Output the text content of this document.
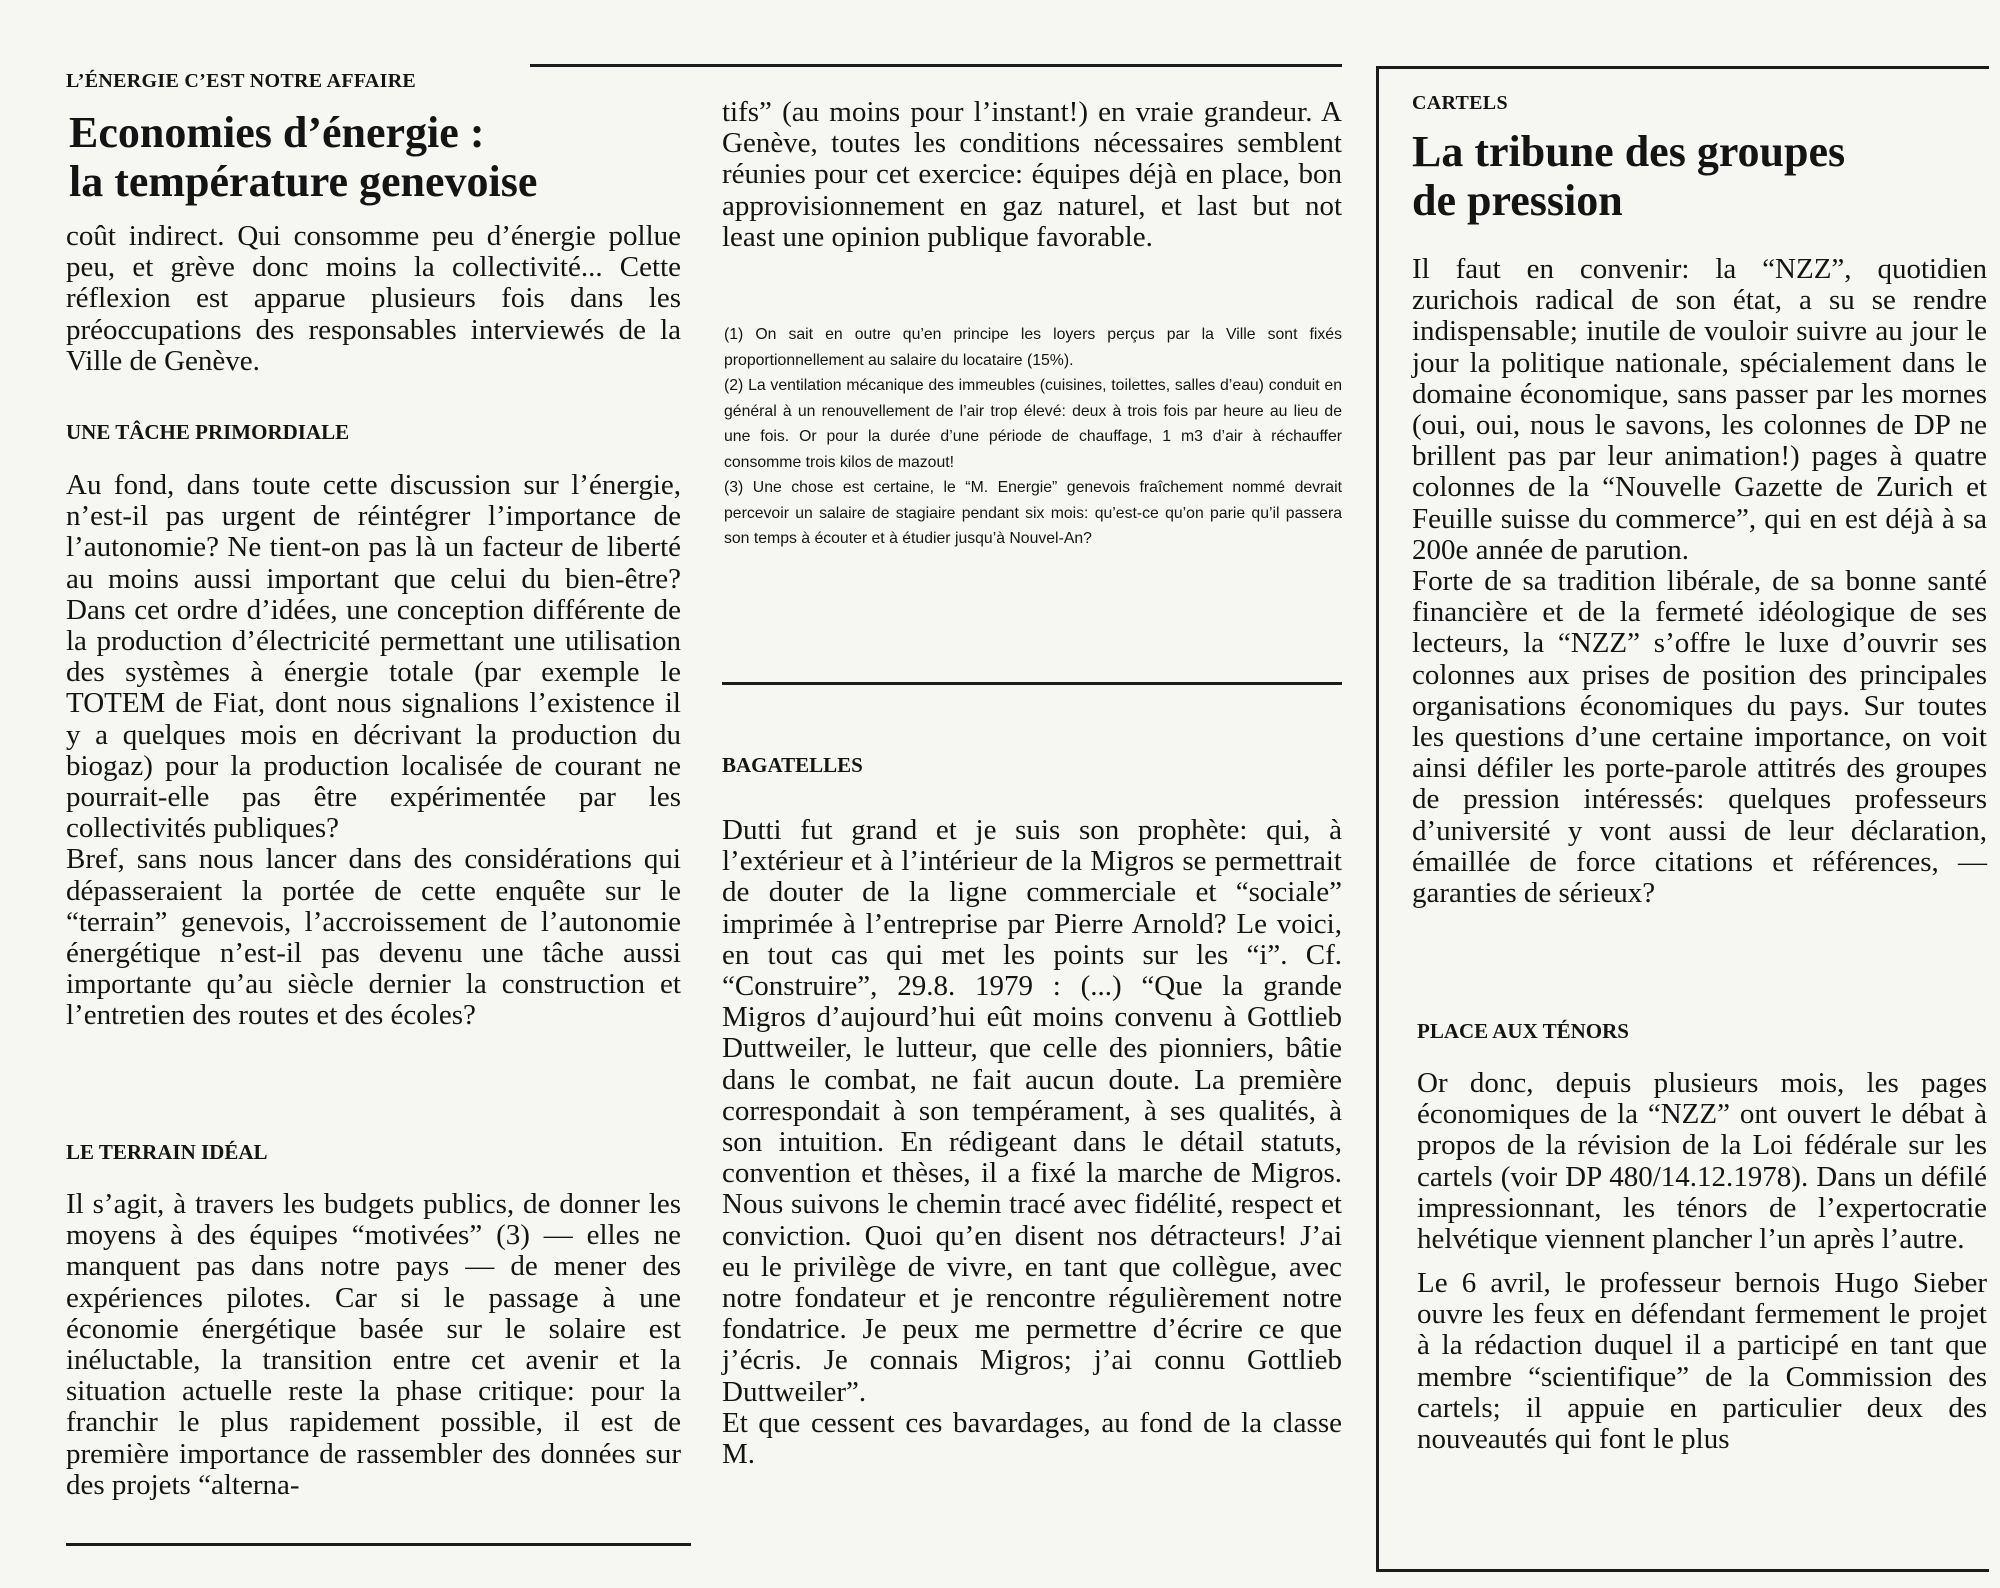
L’ÉNERGIE C’EST NOTRE AFFAIRE
Economies d’énergie :
la température genevoise

coût indirect. Qui consomme peu d’énergie pollue peu, et grève donc moins la collectivité... Cette réflexion est apparue plusieurs fois dans les préoccupations des responsables interviewés de la Ville de Genève.

UNE TÂCHE PRIMORDIALE

Au fond, dans toute cette discussion sur l’énergie, n’est-il pas urgent de réintégrer l’importance de l’autonomie? Ne tient-on pas là un facteur de liberté au moins aussi important que celui du bien-être? Dans cet ordre d’idées, une conception différente de la production d’électricité permettant une utilisation des systèmes à énergie totale (par exemple le TOTEM de Fiat, dont nous signalions l’existence il y a quelques mois en décrivant la production du biogaz) pour la production localisée de courant ne pourrait-elle pas être expérimentée par les collectivités publiques?

Bref, sans nous lancer dans des considérations qui dépasseraient la portée de cette enquête sur le “terrain” genevois, l’accroissement de l’autonomie énergétique n’est-il pas devenu une tâche aussi importante qu’au siècle dernier la construction et l’entretien des routes et des écoles?

LE TERRAIN IDÉAL

Il s’agit, à travers les budgets publics, de donner les moyens à des équipes “motivées” (3) — elles ne manquent pas dans notre pays — de mener des expériences pilotes. Car si le passage à une économie énergétique basée sur le solaire est inéluctable, la transition entre cet avenir et la situation actuelle reste la phase critique: pour la franchir le plus rapidement possible, il est de première importance de rassembler des données sur des projets “alterna-

tifs” (au moins pour l’instant!) en vraie grandeur. A Genève, toutes les conditions nécessaires semblent réunies pour cet exercice: équipes déjà en place, bon approvisionnement en gaz naturel, et last but not least une opinion publique favorable.

(1) On sait en outre qu’en principe les loyers perçus par la Ville sont fixés proportionnellement au salaire du locataire (15%).

(2) La ventilation mécanique des immeubles (cuisines, toilettes, salles d’eau) conduit en général à un renouvellement de l’air trop élevé: deux à trois fois par heure au lieu de une fois. Or pour la durée d’une période de chauffage, 1 m3 d’air à réchauffer consomme trois kilos de mazout!

(3) Une chose est certaine, le “M. Energie” genevois fraîchement nommé devrait percevoir un salaire de stagiaire pendant six mois: qu’est-ce qu’on parie qu’il passera son temps à écouter et à étudier jusqu’à Nouvel-An?

BAGATELLES

Dutti fut grand et je suis son prophète: qui, à l’extérieur et à l’intérieur de la Migros se permettrait de douter de la ligne commerciale et “sociale” imprimée à l’entreprise par Pierre Arnold? Le voici, en tout cas qui met les points sur les “i”. Cf. “Construire”, 29.8. 1979 : (...) “Que la grande Migros d’aujourd’hui eût moins convenu à Gottlieb Duttweiler, le lutteur, que celle des pionniers, bâtie dans le combat, ne fait aucun doute. La première correspondait à son tempérament, à ses qualités, à son intuition. En rédigeant dans le détail statuts, convention et thèses, il a fixé la marche de Migros. Nous suivons le chemin tracé avec fidélité, respect et conviction. Quoi qu’en disent nos détracteurs! J’ai eu le privilège de vivre, en tant que collègue, avec notre fondateur et je rencontre régulièrement notre fondatrice. Je peux me permettre d’écrire ce que j’écris. Je connais Migros; j’ai connu Gottlieb Duttweiler”.

Et que cessent ces bavardages, au fond de la classe M.

CARTELS
La tribune des groupes
de pression

Il faut en convenir: la “NZZ”, quotidien zurichois radical de son état, a su se rendre indispensable; inutile de vouloir suivre au jour le jour la politique nationale, spécialement dans le domaine économique, sans passer par les mornes (oui, oui, nous le savons, les colonnes de DP ne brillent pas par leur animation!) pages à quatre colonnes de la “Nouvelle Gazette de Zurich et Feuille suisse du commerce”, qui en est déjà à sa 200e année de parution.

Forte de sa tradition libérale, de sa bonne santé financière et de la fermeté idéologique de ses lecteurs, la “NZZ” s’offre le luxe d’ouvrir ses colonnes aux prises de position des principales organisations économiques du pays. Sur toutes les questions d’une certaine importance, on voit ainsi défiler les porte-parole attitrés des groupes de pression intéressés: quelques professeurs d’université y vont aussi de leur déclaration, émaillée de force citations et références, — garanties de sérieux?

PLACE AUX TÉNORS

Or donc, depuis plusieurs mois, les pages économiques de la “NZZ” ont ouvert le débat à propos de la révision de la Loi fédérale sur les cartels (voir DP 480/14.12.1978). Dans un défilé impressionnant, les ténors de l’expertocratie helvétique viennent plancher l’un après l’autre.

Le 6 avril, le professeur bernois Hugo Sieber ouvre les feux en défendant fermement le projet à la rédaction duquel il a participé en tant que membre “scientifique” de la Commission des cartels; il appuie en particulier deux des nouveautés qui font le plus
